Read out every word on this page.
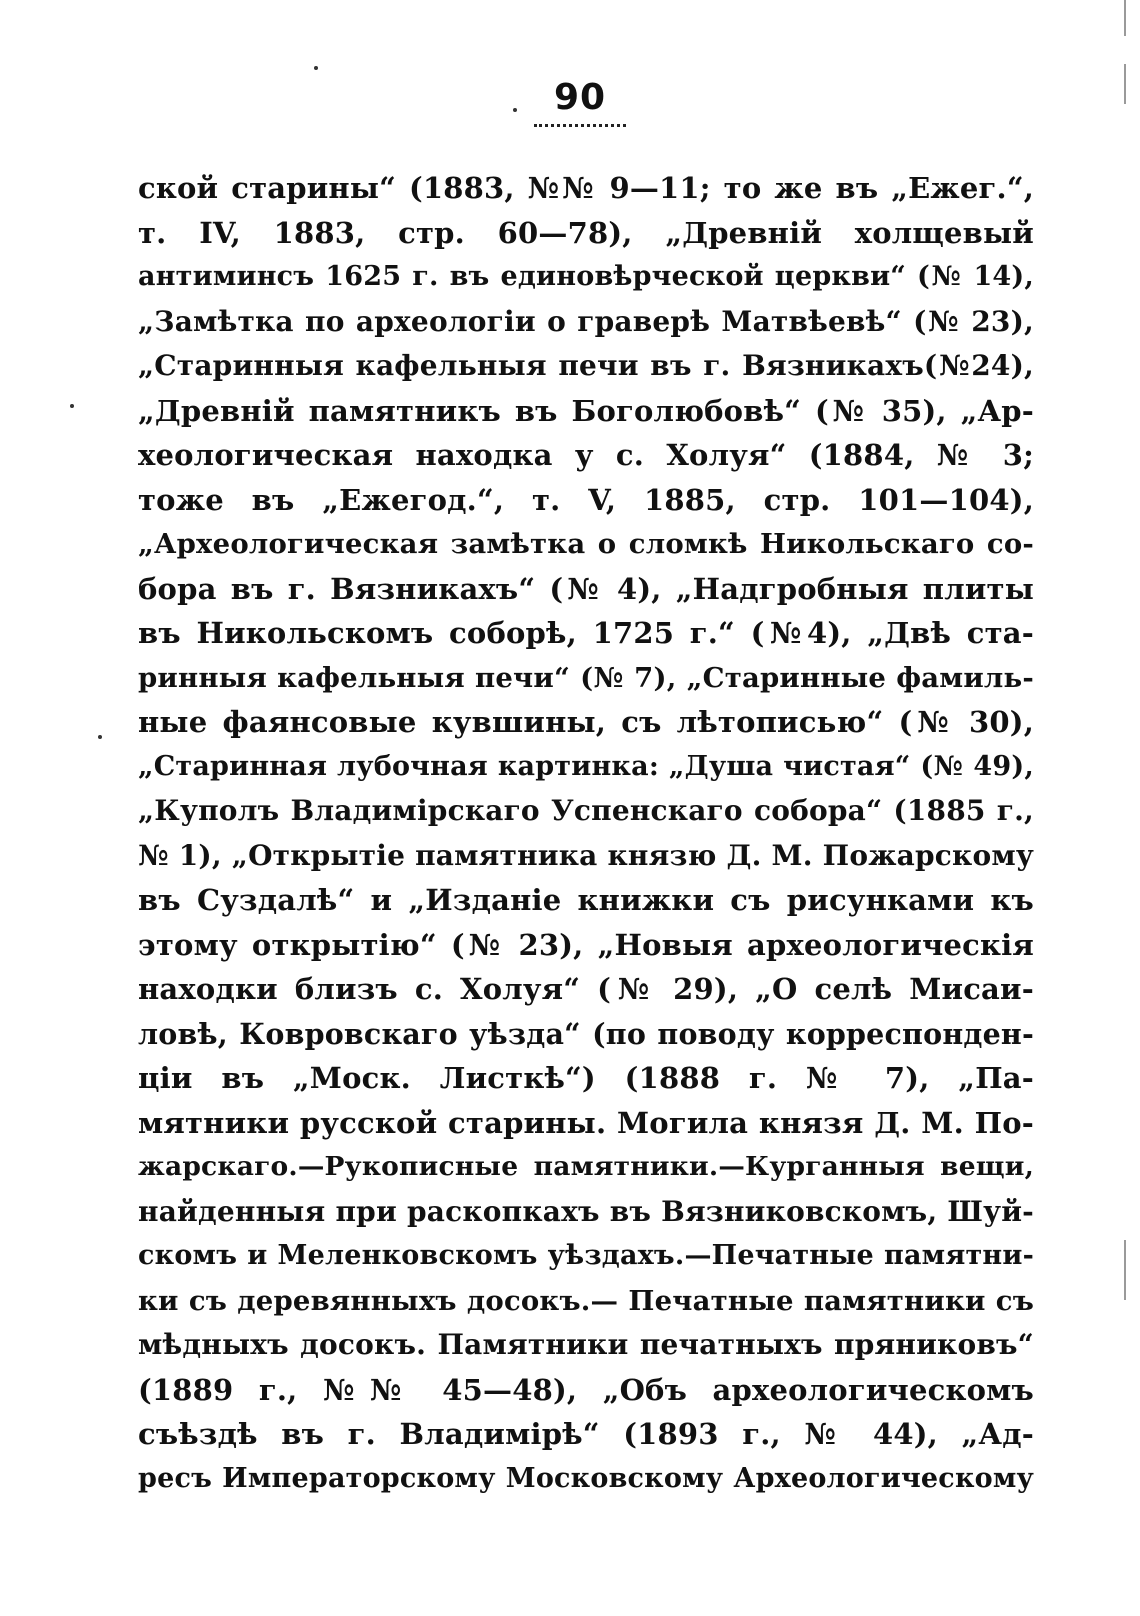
90
ской старины“ (1883, №№ 9—11; то же въ „Ежег.“,
т. IV, 1883, стр. 60—78), „Древній холщевый
антиминсъ 1625 г. въ единовѣрческой церкви“ (№ 14),
„Замѣтка по археологіи о граверѣ Матвѣевѣ“ (№ 23),
„Старинныя кафельныя печи въ г. Вязникахъ(№24),
„Древній памятникъ въ Боголюбовѣ“ (№ 35), „Ар-
хеологическая находка у с. Холуя“ (1884, № 3;
тоже въ „Ежегод.“, т. V, 1885, стр. 101—104),
„Археологическая замѣтка о сломкѣ Никольскаго со-
бора въ г. Вязникахъ“ (№ 4), „Надгробныя плиты
въ Никольскомъ соборѣ, 1725 г.“ (№4), „Двѣ ста-
ринныя кафельныя печи“ (№ 7), „Старинные фамиль-
ные фаянсовые кувшины, съ лѣтописью“ (№ 30),
„Старинная лубочная картинка: „Душа чистая“ (№ 49),
„Куполъ Владимірскаго Успенскаго собора“ (1885 г.,
№ 1), „Открытіе памятника князю Д. М. Пожарскому
въ Суздалѣ“ и „Изданіе книжки съ рисунками къ
этому открытію“ (№ 23), „Новыя археологическія
находки близъ с. Холуя“ (№ 29), „О селѣ Мисаи-
ловѣ, Ковровскаго уѣзда“ (по поводу корреспонден-
ціи въ „Моск. Листкѣ“) (1888 г. № 7), „Па-
мятники русской старины. Могила князя Д. М. По-
жарскаго.—Рукописные памятники.—Курганныя вещи,
найденныя при раскопкахъ въ Вязниковскомъ, Шуй-
скомъ и Меленковскомъ уѣздахъ.—Печатные памятни-
ки съ деревянныхъ досокъ.— Печатные памятники съ
мѣдныхъ досокъ. Памятники печатныхъ пряниковъ“
(1889 г., №№ 45—48), „Объ археологическомъ
съѣздѣ въ г. Владимірѣ“ (1893 г., № 44), „Ад-
ресъ Императорскому Московскому Археологическому
